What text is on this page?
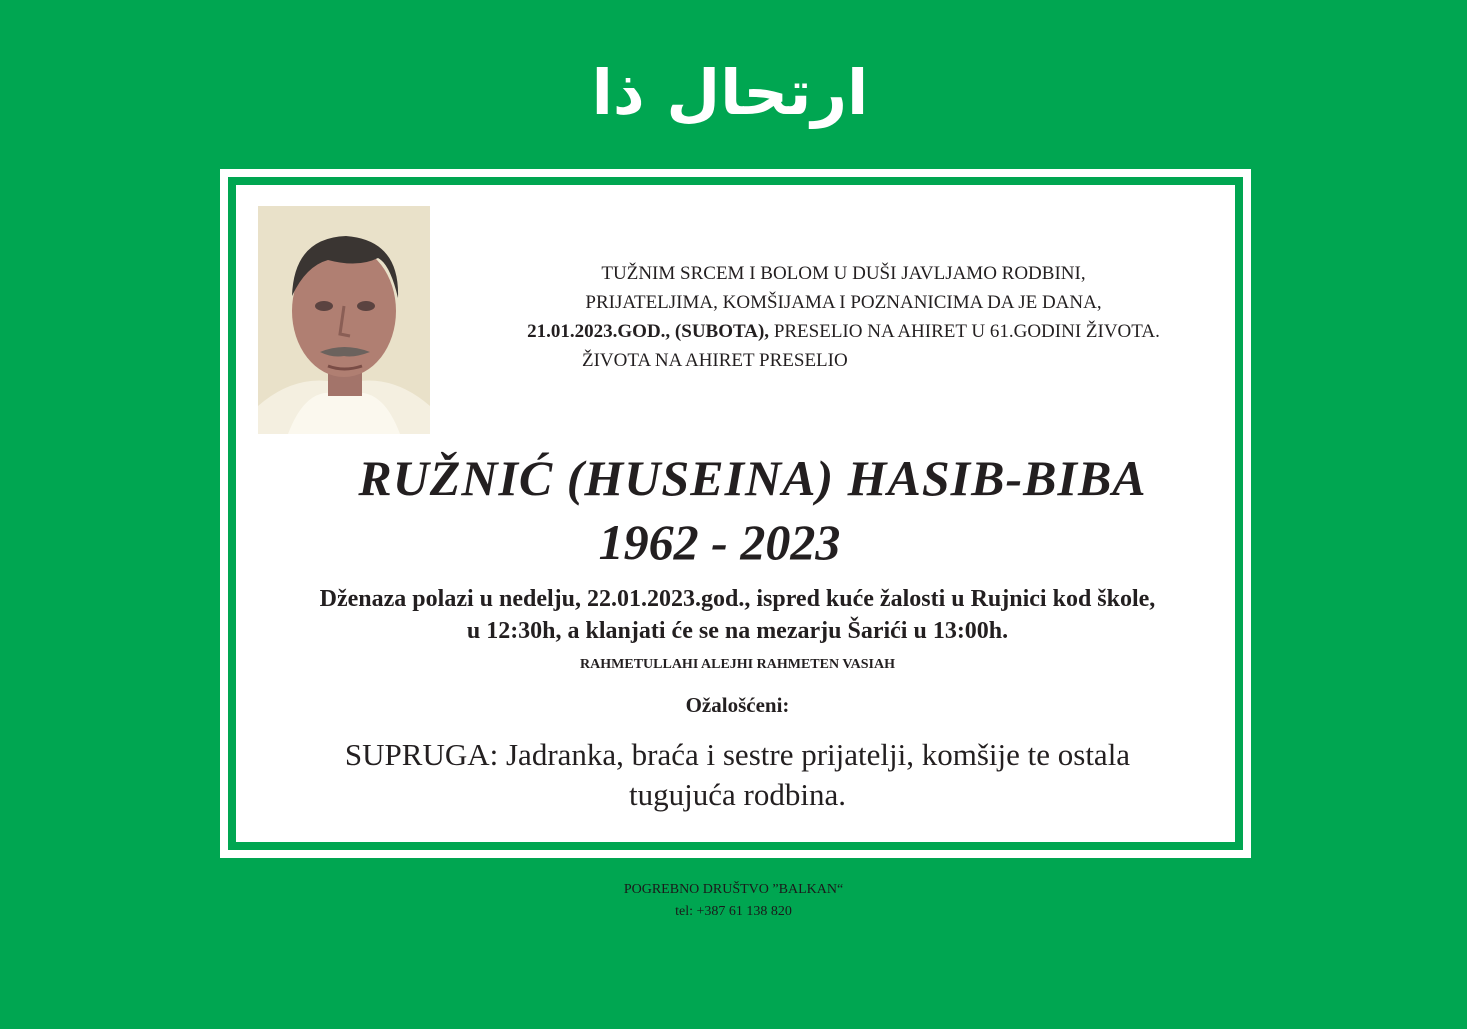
ارتحال ذا
TUŽNIM SRCEM I BOLOM U DUŠI JAVLJAMO RODBINI,
PRIJATELJIMA, KOMŠIJAMA I POZNANICIMA DA JE DANA,
21.01.2023.GOD., (SUBOTA), PRESELIO NA AHIRET U 61.GODINI ŽIVOTA.
ŽIVOTA NA AHIRET PRESELIO
RUŽNIĆ (HUSEINA) HASIB-BIBA
1962 - 2023
Dženaza polazi u nedelju, 22.01.2023.god., ispred kuće žalosti u Rujnici kod škole,
u 12:30h, a klanjati će se na mezarju Šarići u 13:00h.
RAHMETULLAHI ALEJHI RAHMETEN VASIAH
Ožalošćeni:
SUPRUGA: Jadranka, braća i sestre prijatelji, komšije te ostala
tugujuća rodbina.
POGREBNO DRUŠTVO ”BALKAN“
tel: +387 61 138 820
